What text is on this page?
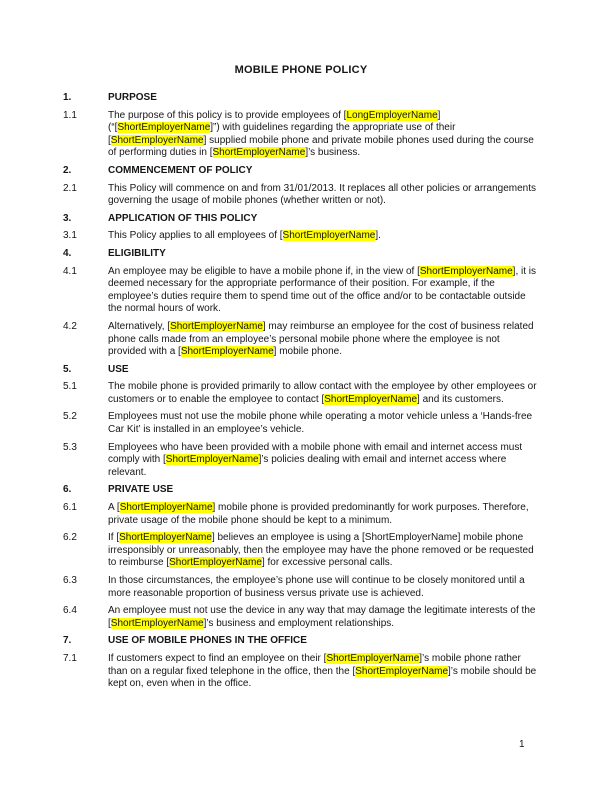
MOBILE PHONE POLICY
1.	PURPOSE
1.1	The purpose of this policy is to provide employees of [LongEmployerName] (“[ShortEmployerName]”) with guidelines regarding the appropriate use of their [ShortEmployerName] supplied mobile phone and private mobile phones used during the course of performing duties in [ShortEmployerName]’s business.
2.	COMMENCEMENT OF POLICY
2.1	This Policy will commence on and from 31/01/2013. It replaces all other policies or arrangements governing the usage of mobile phones (whether written or not).
3.	APPLICATION OF THIS POLICY
3.1	This Policy applies to all employees of [ShortEmployerName].
4.	ELIGIBILITY
4.1	An employee may be eligible to have a mobile phone if, in the view of [ShortEmployerName], it is deemed necessary for the appropriate performance of their position. For example, if the employee’s duties require them to spend time out of the office and/or to be contactable outside the normal hours of work.
4.2	Alternatively, [ShortEmployerName] may reimburse an employee for the cost of business related phone calls made from an employee’s personal mobile phone where the employee is not provided with a [ShortEmployerName] mobile phone.
5.	USE
5.1	The mobile phone is provided primarily to allow contact with the employee by other employees or customers or to enable the employee to contact [ShortEmployerName] and its customers.
5.2	Employees must not use the mobile phone while operating a motor vehicle unless a ‘Hands-free Car Kit’ is installed in an employee’s vehicle.
5.3	Employees who have been provided with a mobile phone with email and internet access must comply with [ShortEmployerName]’s policies dealing with email and internet access where relevant.
6.	PRIVATE USE
6.1	A [ShortEmployerName] mobile phone is provided predominantly for work purposes. Therefore, private usage of the mobile phone should be kept to a minimum.
6.2	If [ShortEmployerName] believes an employee is using a [ShortEmployerName] mobile phone irresponsibly or unreasonably, then the employee may have the phone removed or be requested to reimburse [ShortEmployerName] for excessive personal calls.
6.3	In those circumstances, the employee’s phone use will continue to be closely monitored until a more reasonable proportion of business versus private use is achieved.
6.4	An employee must not use the device in any way that may damage the legitimate interests of the [ShortEmployerName]’s business and employment relationships.
7.	USE OF MOBILE PHONES IN THE OFFICE
7.1	If customers expect to find an employee on their [ShortEmployerName]’s mobile phone rather than on a regular fixed telephone in the office, then the [ShortEmployerName]’s mobile should be kept on, even when in the office.
1
